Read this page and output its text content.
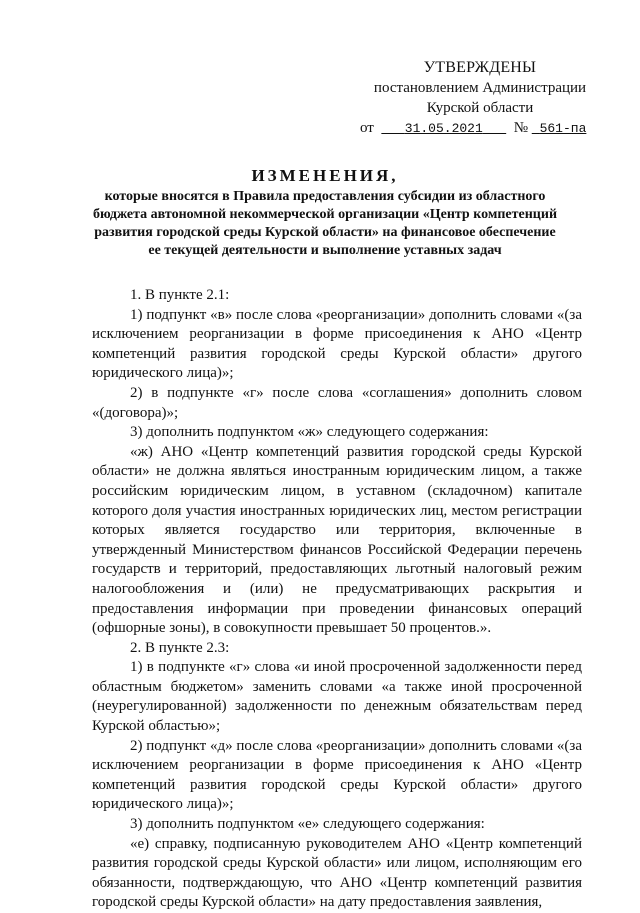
УТВЕРЖДЕНЫ
постановлением Администрации
Курской области
от 31.05.2021 № 561-па
ИЗМЕНЕНИЯ,
которые вносятся в Правила предоставления субсидии из областного бюджета автономной некоммерческой организации «Центр компетенций развития городской среды Курской области» на финансовое обеспечение ее текущей деятельности и выполнение уставных задач

1. В пункте 2.1:

1) подпункт «в» после слова «реорганизации» дополнить словами «(за исключением реорганизации в форме присоединения к АНО «Центр компетенций развития городской среды Курской области» другого юридического лица)»;

2) в подпункте «г» после слова «соглашения» дополнить словом «(договора)»;

3) дополнить подпунктом «ж» следующего содержания:

«ж) АНО «Центр компетенций развития городской среды Курской области» не должна являться иностранным юридическим лицом, а также российским юридическим лицом, в уставном (складочном) капитале которого доля участия иностранных юридических лиц, местом регистрации которых является государство или территория, включенные в утвержденный Министерством финансов Российской Федерации перечень государств и территорий, предоставляющих льготный налоговый режим налогообложения и (или) не предусматривающих раскрытия и предоставления информации при проведении финансовых операций (офшорные зоны), в совокупности превышает 50 процентов.».

2. В пункте 2.3:

1) в подпункте «г» слова «и иной просроченной задолженности перед областным бюджетом» заменить словами «а также иной просроченной (неурегулированной) задолженности по денежным обязательствам перед Курской областью»;

2) подпункт «д» после слова «реорганизации» дополнить словами «(за исключением реорганизации в форме присоединения к АНО «Центр компетенций развития городской среды Курской области» другого юридического лица)»;

3) дополнить подпунктом «е» следующего содержания:

«е) справку, подписанную руководителем АНО «Центр компетенций развития городской среды Курской области» или лицом, исполняющим его обязанности, подтверждающую, что АНО «Центр компетенций развития городской среды Курской области» на дату предоставления заявления,
